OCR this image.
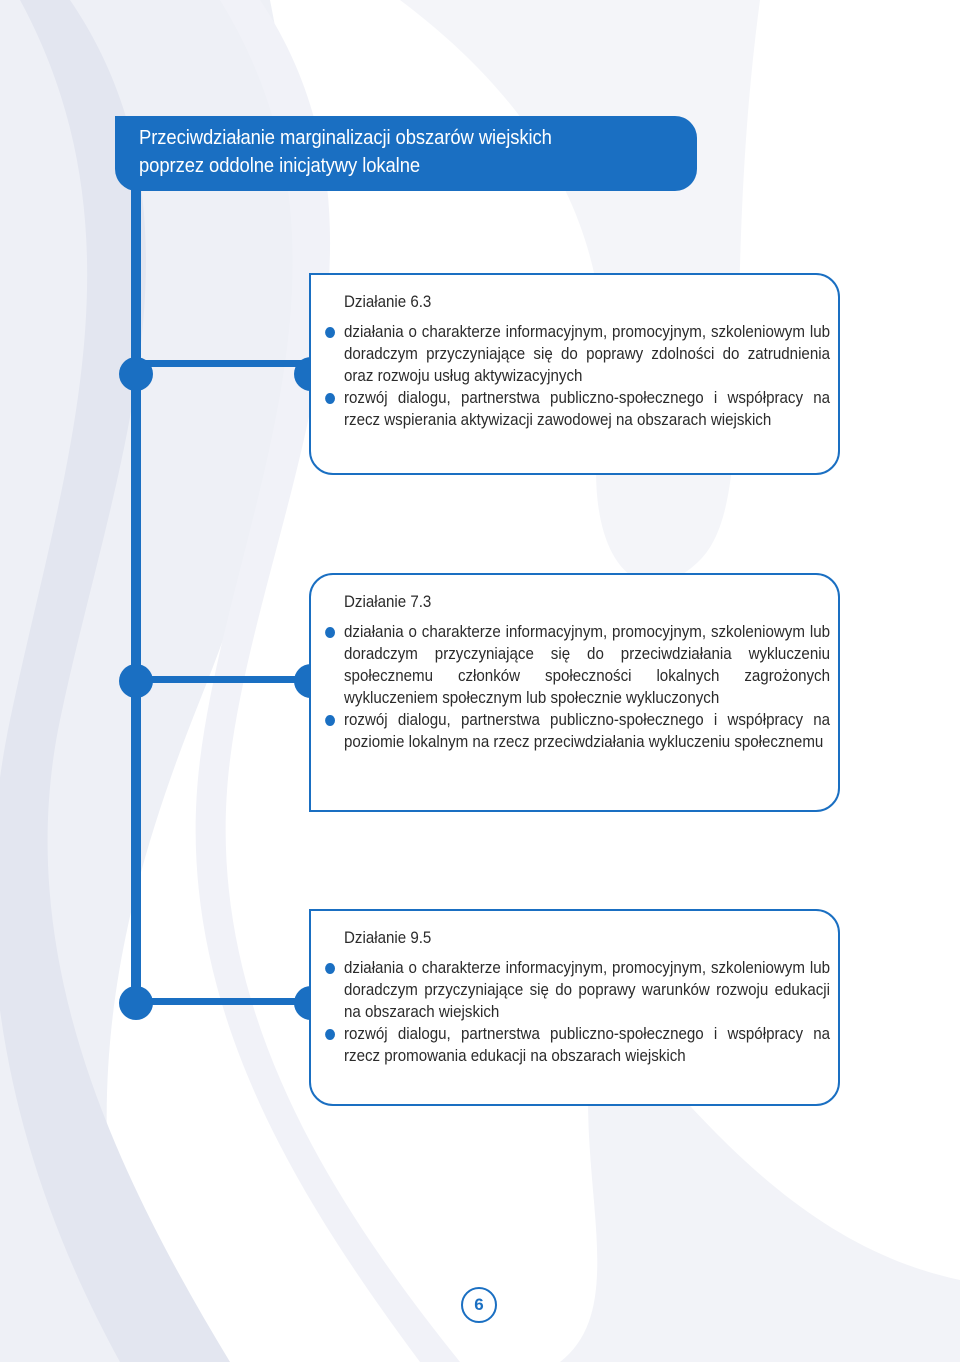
Przeciwdziałanie marginalizacji obszarów wiejskich
poprzez oddolne inicjatywy lokalne
Działanie 6.3
działania o charakterze informacyjnym, promocyjnym, szkoleniowym lub doradczym przyczyniające się do poprawy zdolności do zatrudnienia oraz rozwoju usług aktywizacyjnych
rozwój dialogu, partnerstwa publiczno-społecznego i współpracy na rzecz wspierania aktywizacji zawodowej na obszarach wiejskich
Działanie 7.3
działania o charakterze informacyjnym, promocyjnym, szkoleniowym lub doradczym przyczyniające się do przeciwdziałania wykluczeniu społecznemu członków społeczności lokalnych zagrożonych wykluczeniem społecznym lub społecznie wykluczonych
rozwój dialogu, partnerstwa publiczno-społecznego i współpracy na poziomie lokalnym na rzecz przeciwdziałania wykluczeniu społecznemu
Działanie 9.5
działania o charakterze informacyjnym, promocyjnym, szkoleniowym lub doradczym przyczyniające się do poprawy warunków rozwoju edukacji na obszarach wiejskich
rozwój dialogu, partnerstwa publiczno-społecznego i współpracy na rzecz promowania edukacji na obszarach wiejskich
6
